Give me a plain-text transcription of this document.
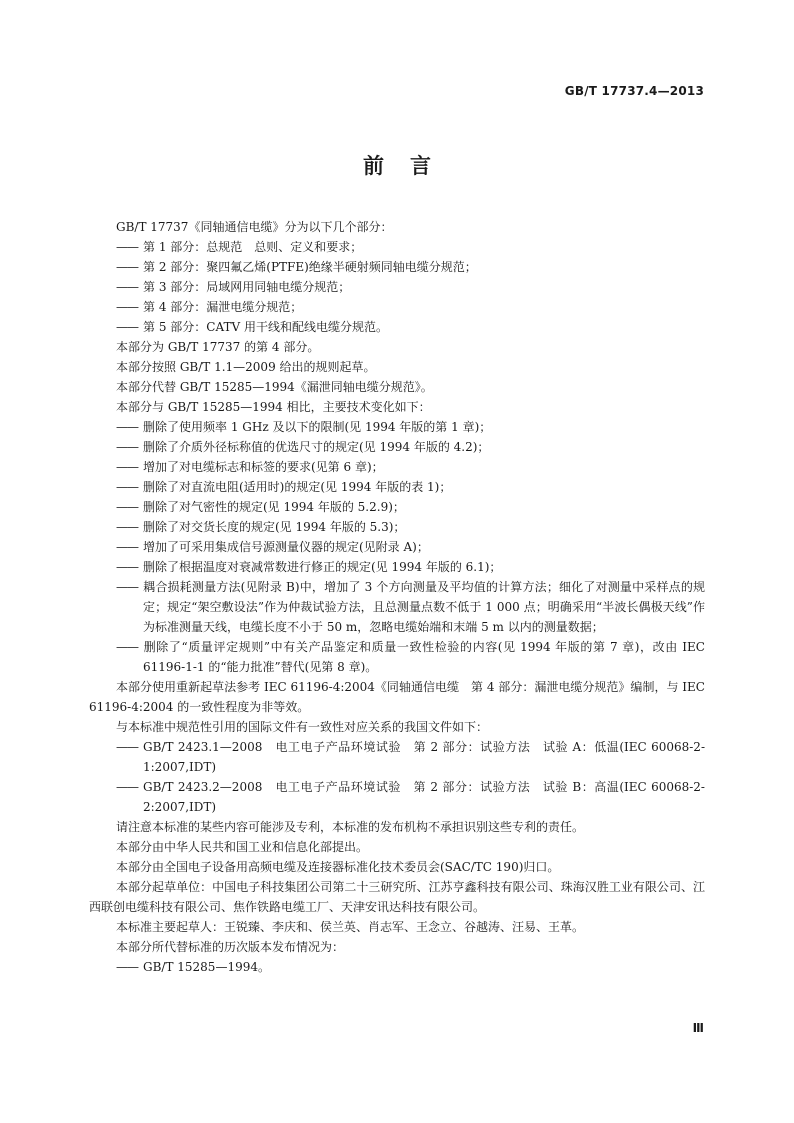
GB/T 17737.4—2013
前言
GB/T 17737《同轴通信电缆》分为以下几个部分：
—— 第 1 部分：总规范　总则、定义和要求；
—— 第 2 部分：聚四氟乙烯(PTFE)绝缘半硬射频同轴电缆分规范；
—— 第 3 部分：局域网用同轴电缆分规范；
—— 第 4 部分：漏泄电缆分规范；
—— 第 5 部分：CATV 用干线和配线电缆分规范。
本部分为 GB/T 17737 的第 4 部分。
本部分按照 GB/T 1.1—2009 给出的规则起草。
本部分代替 GB/T 15285—1994《漏泄同轴电缆分规范》。
本部分与 GB/T 15285—1994 相比，主要技术变化如下：
—— 删除了使用频率 1 GHz 及以下的限制(见 1994 年版的第 1 章)；
—— 删除了介质外径标称值的优选尺寸的规定(见 1994 年版的 4.2)；
—— 增加了对电缆标志和标签的要求(见第 6 章)；
—— 删除了对直流电阻(适用时)的规定(见 1994 年版的表 1)；
—— 删除了对气密性的规定(见 1994 年版的 5.2.9)；
—— 删除了对交货长度的规定(见 1994 年版的 5.3)；
—— 增加了可采用集成信号源测量仪器的规定(见附录 A)；
—— 删除了根据温度对衰减常数进行修正的规定(见 1994 年版的 6.1)；
—— 耦合损耗测量方法(见附录 B)中，增加了 3 个方向测量及平均值的计算方法；细化了对测量中采样点的规定；规定“架空敷设法”作为仲裁试验方法，且总测量点数不低于 1 000 点；明确采用“半波长偶极天线”作为标准测量天线，电缆长度不小于 50 m，忽略电缆始端和末端 5 m 以内的测量数据；
—— 删除了“质量评定规则”中有关产品鉴定和质量一致性检验的内容(见 1994 年版的第 7 章)，改由 IEC 61196-1-1 的“能力批准”替代(见第 8 章)。
本部分使用重新起草法参考 IEC 61196-4:2004《同轴通信电缆　第 4 部分：漏泄电缆分规范》编制，与 IEC 61196-4:2004 的一致性程度为非等效。
与本标准中规范性引用的国际文件有一致性对应关系的我国文件如下：
—— GB/T 2423.1—2008　电工电子产品环境试验　第 2 部分：试验方法　试验 A：低温(IEC 60068-2-1:2007,IDT)
—— GB/T 2423.2—2008　电工电子产品环境试验　第 2 部分：试验方法　试验 B：高温(IEC 60068-2-2:2007,IDT)
请注意本标准的某些内容可能涉及专利，本标准的发布机构不承担识别这些专利的责任。
本部分由中华人民共和国工业和信息化部提出。
本部分由全国电子设备用高频电缆及连接器标准化技术委员会(SAC/TC 190)归口。
本部分起草单位：中国电子科技集团公司第二十三研究所、江苏亨鑫科技有限公司、珠海汉胜工业有限公司、江西联创电缆科技有限公司、焦作铁路电缆工厂、天津安讯达科技有限公司。
本标准主要起草人：王锐臻、李庆和、侯兰英、肖志军、王念立、谷越涛、汪易、王革。
本部分所代替标准的历次版本发布情况为：
—— GB/T 15285—1994。
Ⅲ
